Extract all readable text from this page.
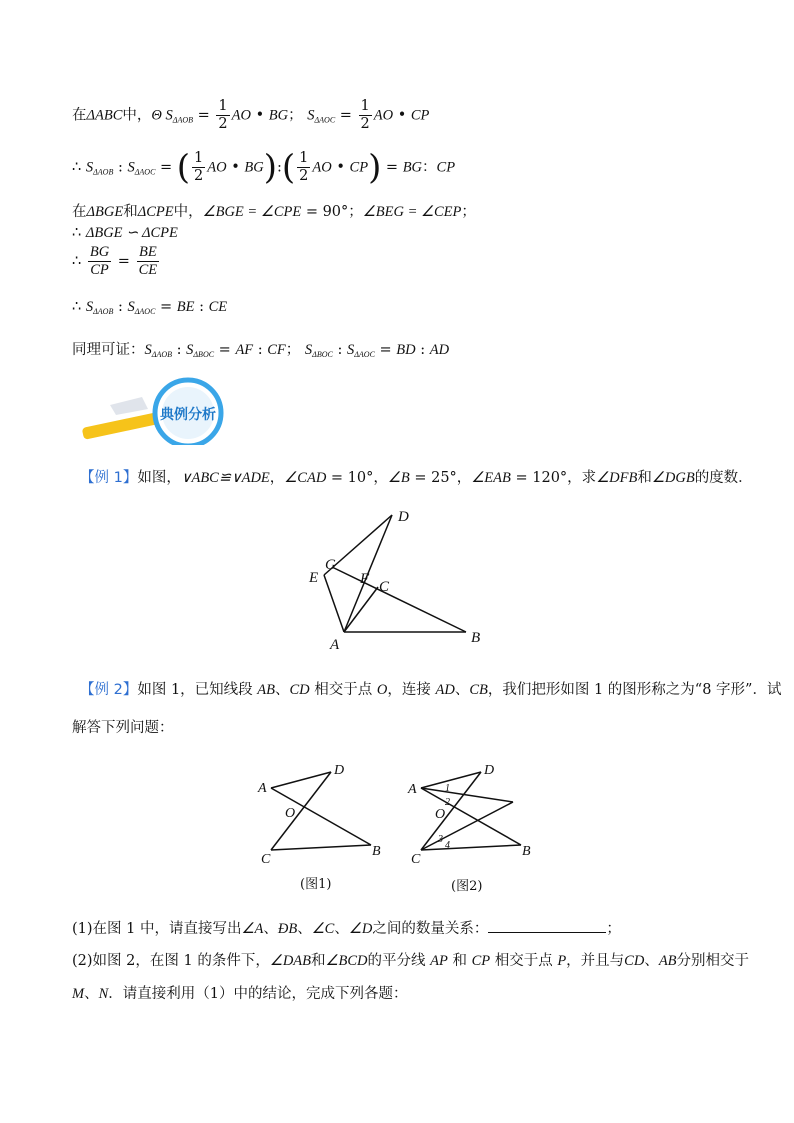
在ΔABC中，Θ $S_{\Delta AOB} = \frac{1}{2}$ AO • BG； $S_{\Delta AOC} = \frac{1}{2}$ AO • CP
∴ $S_{\Delta AOB}$ : $S_{\Delta AOC}$ = ( $\frac{1}{2}$ AO • BG):( $\frac{1}{2}$ AO • CP) = BG：CP
在ΔBGE和ΔCPE中，∠BGE = ∠CPE = 90°；∠BEG = ∠CEP；
∴ ΔBGE ∽ ΔCPE
∴ $\frac{BG}{CP} = \frac{BE}{CE}$
∴ $S_{\Delta AOB}$ : $S_{\Delta AOC}$ = BE : CE
同理可证：$S_{\Delta AOB}$ : $S_{\Delta BOC}$ = AF : CF； $S_{\Delta BOC}$ : $S_{\Delta AOC}$ = BD : AD
典例分析
【例 1】如图，∨ABC≌∨ADE，∠CAD = 10°，∠B = 25°，∠EAB = 120°，求∠DFB和∠DGB的度数．
D
G
E	F C
A	B
【例 2】如图 1，已知线段 AB、CD 相交于点 O，连接 AD、CB，我们把形如图 1 的图形称之为“8 字形”．试
解答下列问题：
A
D
O
C
B
(图1)
A
D
O
C
B
1
2
3
4
(图2)
(1)在图 1 中，请直接写出∠A、ÐB、∠C、∠D之间的数量关系：	；
(2)如图 2，在图 1 的条件下，∠DAB和∠BCD的平分线 AP 和 CP 相交于点 P，并且与CD、AB分别相交于
M、N．请直接利用（1）中的结论，完成下列各题：
